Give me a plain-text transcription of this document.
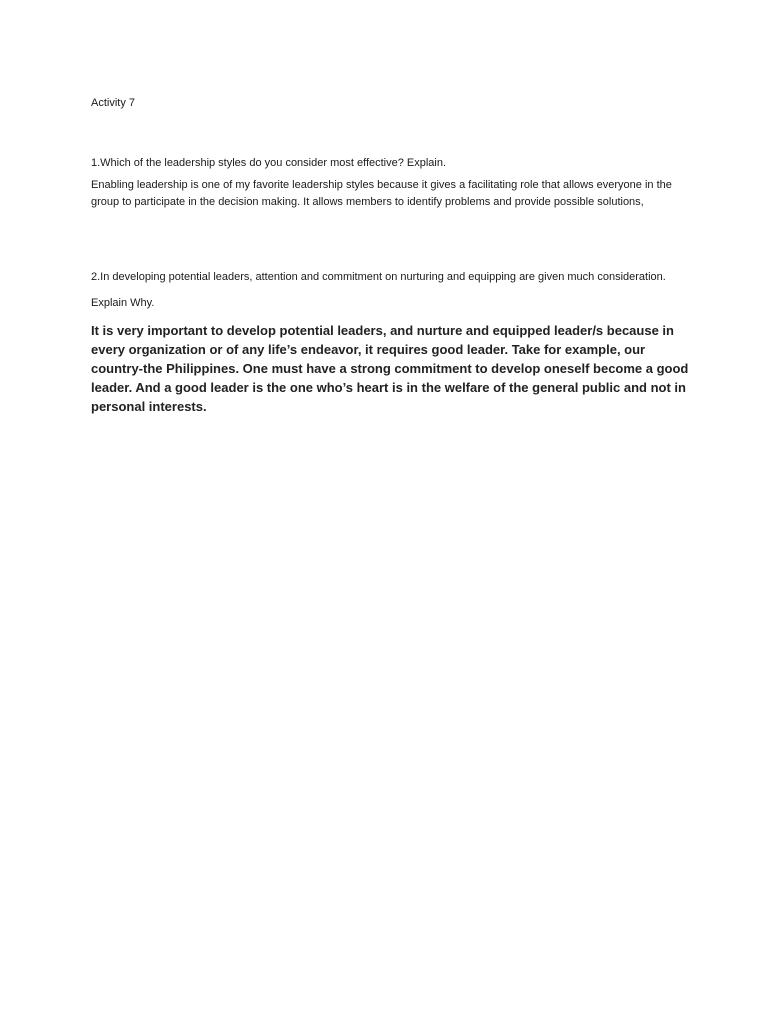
Activity 7

1.Which of the leadership styles do you consider most effective? Explain.

Enabling leadership is one of my favorite leadership styles because it gives a facilitating role that allows everyone in the group to participate in the decision making. It allows members to identify problems and provide possible solutions,

2.In developing potential leaders, attention and commitment on nurturing and equipping are given much consideration.

Explain Why.

It is very important to develop potential leaders, and nurture and equipped leader/s because in every organization or of any life’s endeavor, it requires good leader. Take for example, our country-the Philippines. One must have a strong commitment to develop oneself become a good leader. And a good leader is the one who’s heart is in the welfare of the general public and not in personal interests.
